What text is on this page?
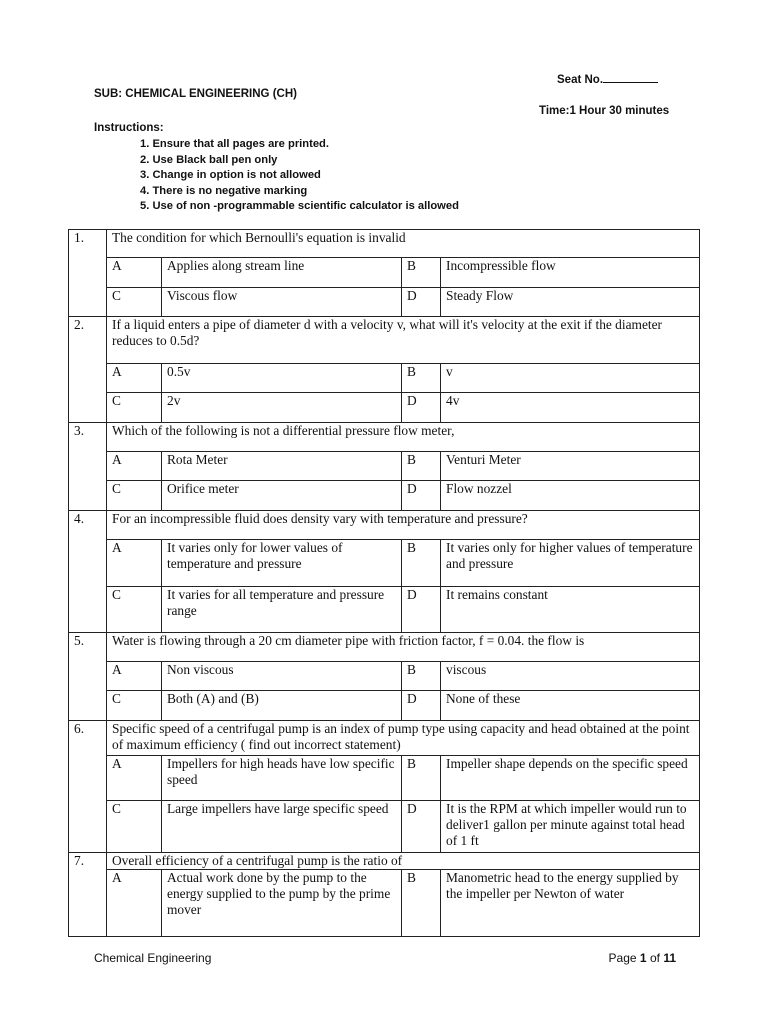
Seat No.
SUB: CHEMICAL ENGINEERING (CH)
Time:1 Hour 30 minutes
Instructions:
1. Ensure that all pages are printed.
2. Use Black ball pen only
3. Change in option is not allowed
4. There is no negative marking
5. Use of non -programmable scientific calculator is allowed
1.	The condition for which Bernoulli's equation is invalid			
	A	Applies along stream line	B	Incompressible flow
	C	Viscous flow	D	Steady Flow
2.	If a liquid enters a pipe of diameter d with a velocity v, what will it's velocity at the exit if the diameter reduces to 0.5d?			
	A	0.5v	B	v
	C	2v	D	4v
3.	Which of the following is not a differential pressure flow meter,			
	A	Rota Meter	B	Venturi Meter
	C	Orifice meter	D	Flow nozzel
4.	For an incompressible fluid does density vary with temperature and pressure?			
	A	It varies only for lower values of temperature and pressure	B	It varies only for higher values of temperature and pressure
	C	It varies for all temperature and pressure range	D	It remains constant
5.	Water is flowing through a 20 cm diameter pipe with friction factor, f = 0.04. the flow is			
	A	Non viscous	B	viscous
	C	Both (A) and (B)	D	None of these
6.	Specific speed of a centrifugal pump is an index of pump type using capacity and head obtained at the point of maximum efficiency ( find out incorrect statement)			
	A	Impellers for high heads have low specific speed	B	Impeller shape depends on the specific speed
	C	Large impellers have large specific speed	D	It is the RPM at which impeller would run to deliver1 gallon per minute against total head of 1 ft
7.	Overall efficiency of a centrifugal pump is the ratio of			
	A	Actual work done by the pump to the energy supplied to the pump by the prime mover	B	Manometric head to the energy supplied by the impeller per Newton of water
Chemical Engineering	Page 1 of 11
